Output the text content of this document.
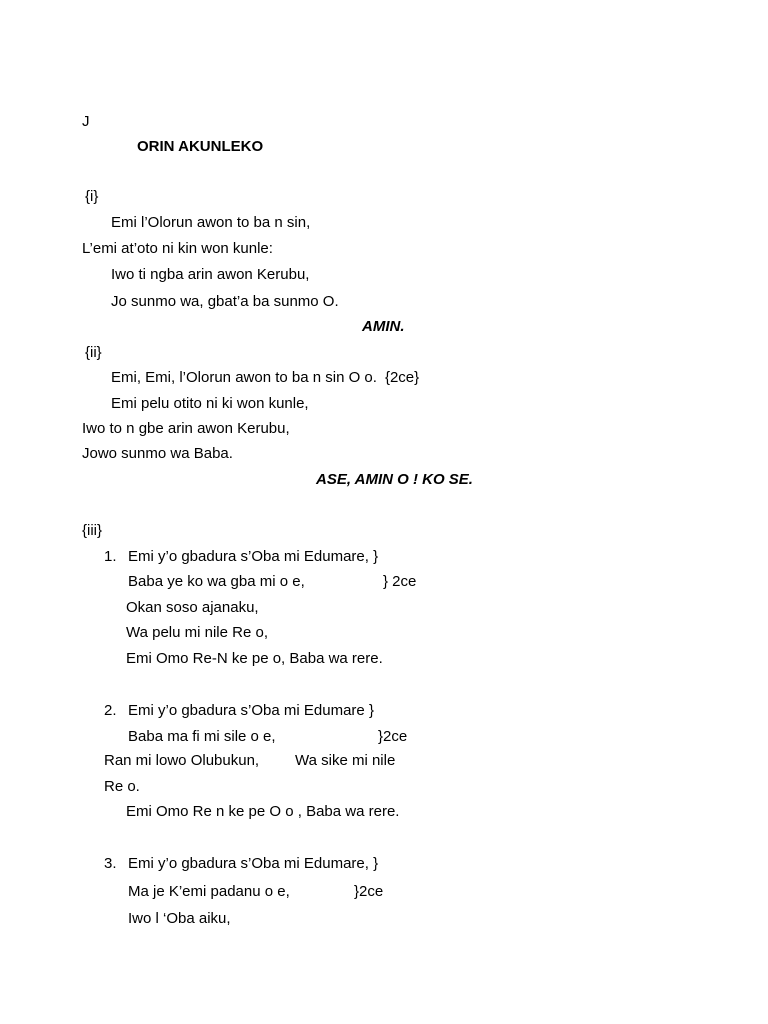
J
ORIN AKUNLEKO
{i}
Emi l’Olorun awon to ba n sin,
L’emi at’oto ni kin won kunle:
Iwo ti ngba arin awon Kerubu,
Jo sunmo wa, gbat’a ba sunmo O.
AMIN.
{ii}
Emi, Emi, l’Olorun awon to ba n sin O o. {2ce}
Emi pelu otito ni ki won kunle,
Iwo to n gbe arin awon Kerubu,
Jowo sunmo wa Baba.
ASE, AMIN O ! KO SE.
{iii}
1. Emi y’o gbadura s’Oba mi Edumare, }
Baba ye ko wa gba mi o e,	} 2ce
Okan soso ajanaku,
Wa pelu mi nile Re o,
Emi Omo Re-N ke pe o, Baba wa rere.
2. Emi y’o gbadura s’Oba mi Edumare }
Baba ma fi mi sile o e,	}2ce
Ran mi lowo Olubukun, Wa sike mi nile
Re o.
Emi Omo Re n ke pe O o , Baba wa rere.
3. Emi y’o gbadura s’Oba mi Edumare, }
Ma je K’emi padanu o e,	}2ce
Iwo l ‘Oba aiku,
